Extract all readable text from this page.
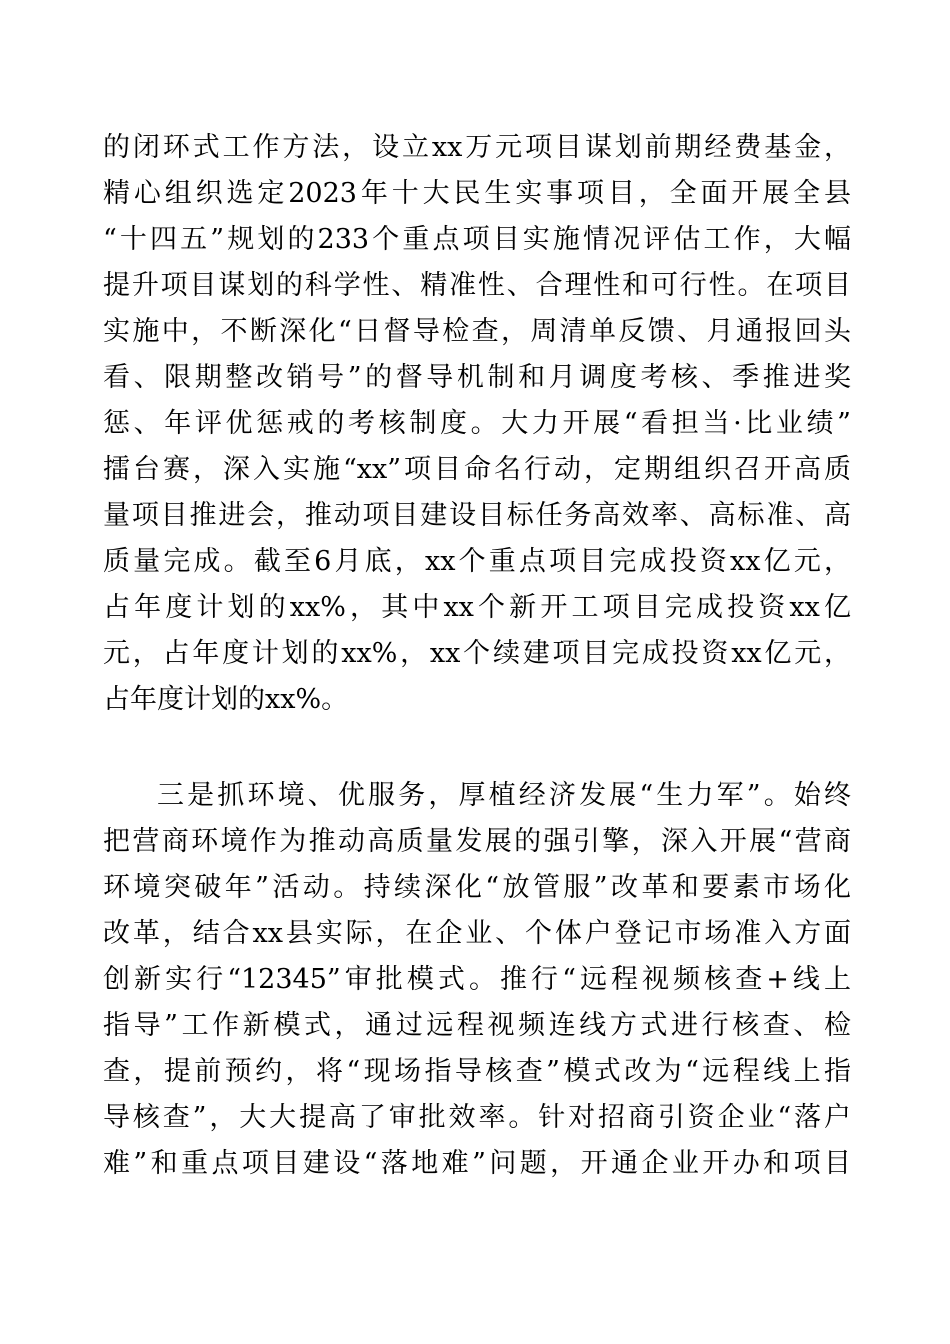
的闭环式工作方法，设立xx万元项目谋划前期经费基金，
精心组织选定2023年十大民生实事项目，全面开展全县
“十四五”规划的233个重点项目实施情况评估工作，大幅
提升项目谋划的科学性、精准性、合理性和可行性。在项目
实施中，不断深化“日督导检查，周清单反馈、月通报回头
看、限期整改销号”的督导机制和月调度考核、季推进奖
惩、年评优惩戒的考核制度。大力开展“看担当·比业绩”
擂台赛，深入实施“xx”项目命名行动，定期组织召开高质
量项目推进会，推动项目建设目标任务高效率、高标准、高
质量完成。截至6月底，xx个重点项目完成投资xx亿元，
占年度计划的xx%，其中xx个新开工项目完成投资xx亿
元，占年度计划的xx%，xx个续建项目完成投资xx亿元，
占年度计划的xx%。
三是抓环境、优服务，厚植经济发展“生力军”。始终
把营商环境作为推动高质量发展的强引擎，深入开展“营商
环境突破年”活动。持续深化“放管服”改革和要素市场化
改革，结合xx县实际，在企业、个体户登记市场准入方面
创新实行“12345”审批模式。推行“远程视频核查+线上
指导”工作新模式，通过远程视频连线方式进行核查、检
查，提前预约，将“现场指导核查”模式改为“远程线上指
导核查”，大大提高了审批效率。针对招商引资企业“落户
难”和重点项目建设“落地难”问题，开通企业开办和项目
